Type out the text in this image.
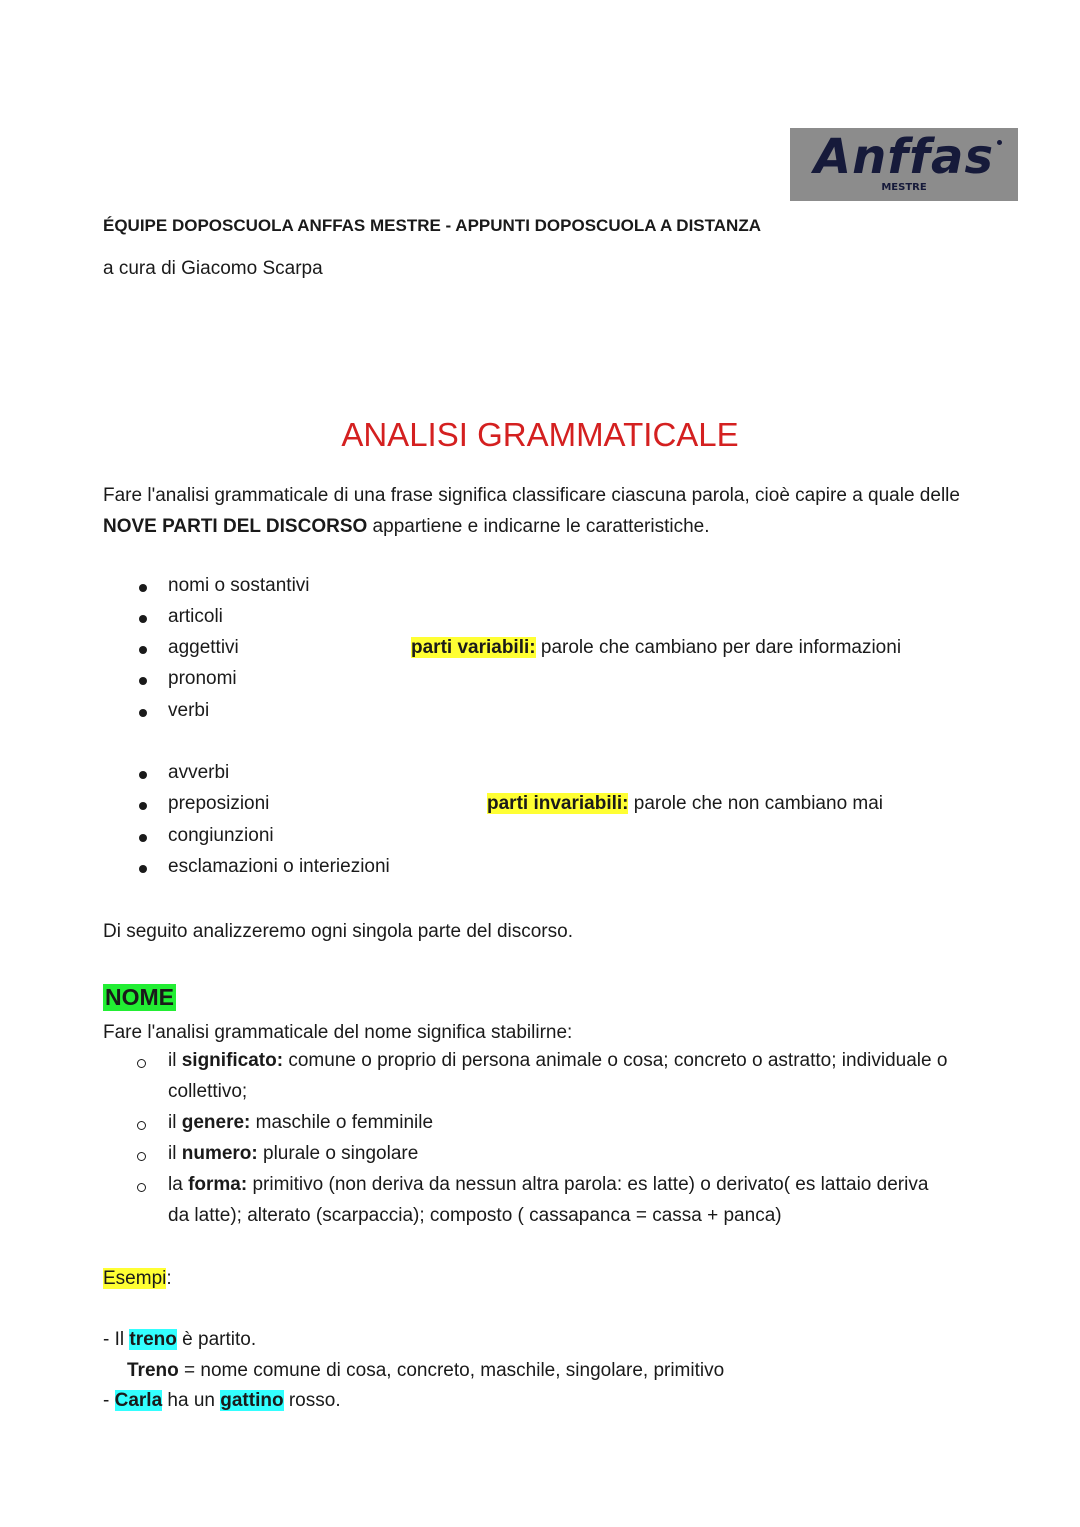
Anffas
MESTRE
ÉQUIPE DOPOSCUOLA ANFFAS MESTRE - APPUNTI DOPOSCUOLA A DISTANZA
a cura di Giacomo Scarpa
ANALISI GRAMMATICALE
Fare l'analisi grammaticale di una frase significa classificare ciascuna parola, cioè capire a quale delle
NOVE PARTI DEL DISCORSO appartiene e indicarne le caratteristiche.
nomi o sostantivi
articoli
aggettivi
pronomi
verbi
parti variabili: parole che cambiano per dare informazioni
avverbi
preposizioni
congiunzioni
esclamazioni o interiezioni
parti invariabili: parole che non cambiano mai
Di seguito analizzeremo ogni singola parte del discorso.
NOME
Fare l'analisi grammaticale del nome significa stabilirne:
il significato: comune o proprio di persona animale o cosa; concreto o astratto; individuale o
collettivo;
il genere: maschile o femminile
il numero: plurale o singolare
la forma: primitivo (non deriva da nessun altra parola: es latte) o derivato( es lattaio deriva
da latte); alterato (scarpaccia); composto ( cassapanca = cassa + panca)
Esempi:
- Il treno è partito.
Treno = nome comune di cosa, concreto, maschile, singolare, primitivo
- Carla ha un gattino rosso.
